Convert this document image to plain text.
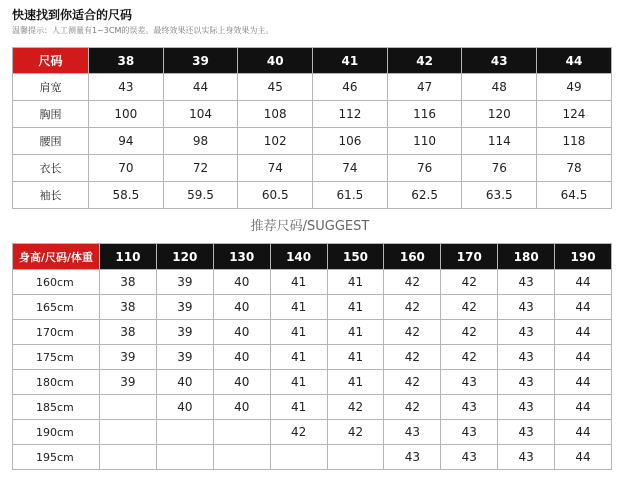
快速找到你适合的尺码
温馨提示：人工测量有1~3CM的误差。最终效果还以实际上身效果为主。
尺码	38	39	40	41	42	43	44
肩宽	43	44	45	46	47	48	49
胸围	100	104	108	112	116	120	124
腰围	94	98	102	106	110	114	118
衣长	70	72	74	74	76	76	78
袖长	58.5	59.5	60.5	61.5	62.5	63.5	64.5
推荐尺码/SUGGEST
身高/尺码/体重	110	120	130	140	150	160	170	180	190
160cm	38	39	40	41	41	42	42	43	44
165cm	38	39	40	41	41	42	42	43	44
170cm	38	39	40	41	41	42	42	43	44
175cm	39	39	40	41	41	42	42	43	44
180cm	39	40	40	41	41	42	43	43	44
185cm		40	40	41	42	42	43	43	44
190cm				42	42	43	43	43	44
195cm						43	43	43	44
